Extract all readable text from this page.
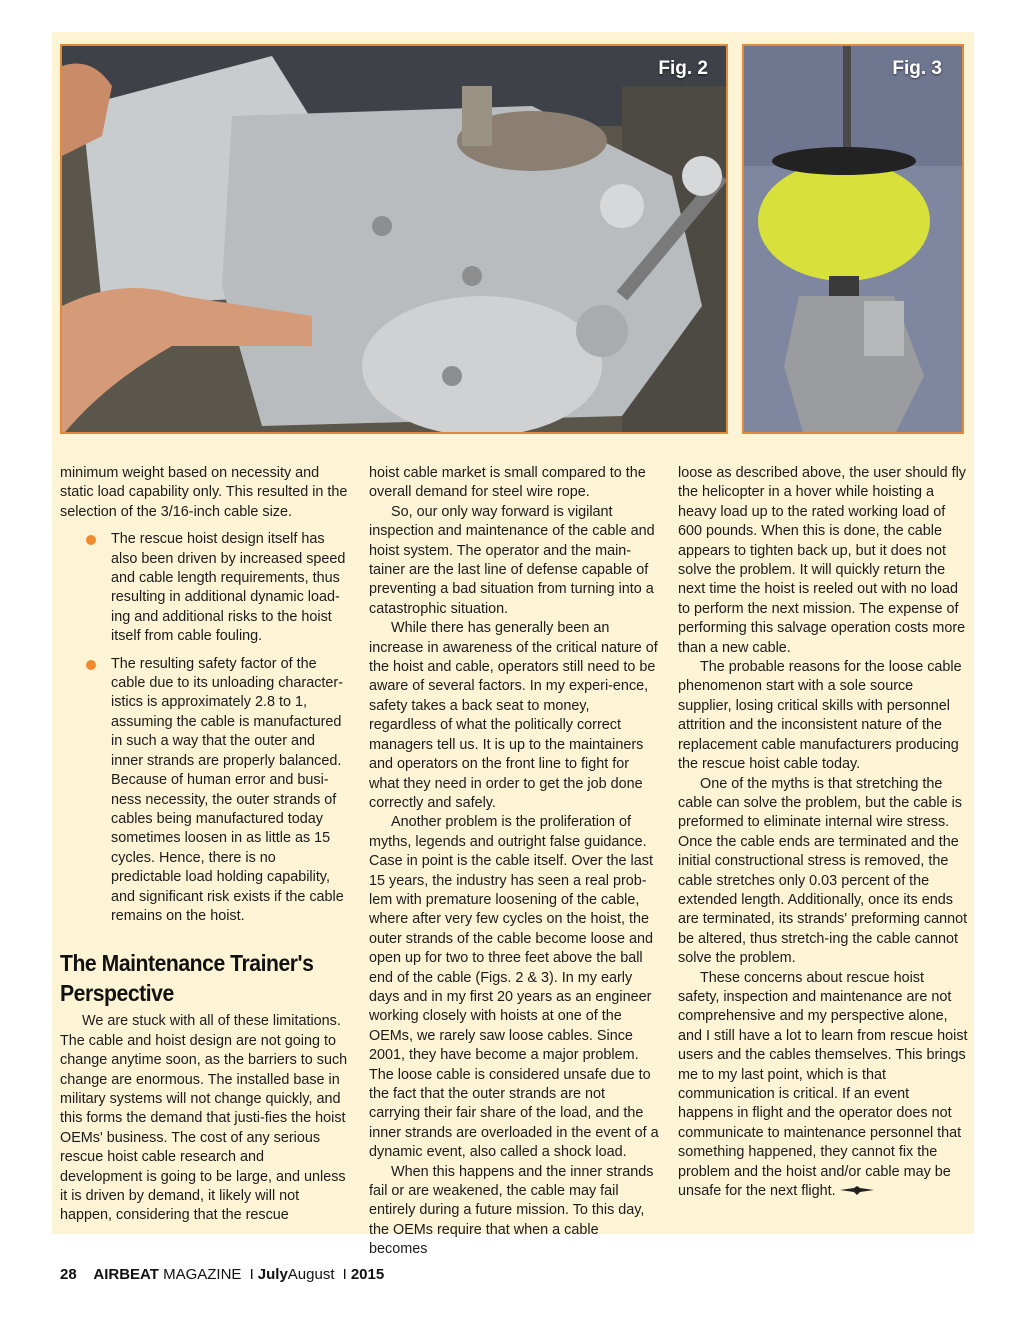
Fig. 2	Fig. 3

minimum weight based on necessity and static load capability only. This resulted in the selection of the 3/16-inch cable size.

The rescue hoist design itself has also been driven by increased speed and cable length requirements, thus resulting in additional dynamic load-ing and additional risks to the hoist itself from cable fouling.
The resulting safety factor of the cable due to its unloading character-istics is approximately 2.8 to 1, assuming the cable is manufactured in such a way that the outer and inner strands are properly balanced. Because of human error and busi-ness necessity, the outer strands of cables being manufactured today sometimes loosen in as little as 15 cycles. Hence, there is no predictable load holding capability, and significant risk exists if the cable remains on the hoist.
The Maintenance Trainer's Perspective

We are stuck with all of these limitations. The cable and hoist design are not going to change anytime soon, as the barriers to such change are enormous. The installed base in military systems will not change quickly, and this forms the demand that justi-fies the hoist OEMs' business. The cost of any serious rescue hoist cable research and development is going to be large, and unless it is driven by demand, it likely will not happen, considering that the rescue

hoist cable market is small compared to the overall demand for steel wire rope.

So, our only way forward is vigilant inspection and maintenance of the cable and hoist system. The operator and the main-tainer are the last line of defense capable of preventing a bad situation from turning into a catastrophic situation.

While there has generally been an increase in awareness of the critical nature of the hoist and cable, operators still need to be aware of several factors. In my experi-ence, safety takes a back seat to money, regardless of what the politically correct managers tell us. It is up to the maintainers and operators on the front line to fight for what they need in order to get the job done correctly and safely.

Another problem is the proliferation of myths, legends and outright false guidance. Case in point is the cable itself. Over the last 15 years, the industry has seen a real prob-lem with premature loosening of the cable, where after very few cycles on the hoist, the outer strands of the cable become loose and open up for two to three feet above the ball end of the cable (Figs. 2 & 3). In my early days and in my first 20 years as an engineer working closely with hoists at one of the OEMs, we rarely saw loose cables. Since 2001, they have become a major problem. The loose cable is considered unsafe due to the fact that the outer strands are not carrying their fair share of the load, and the inner strands are overloaded in the event of a dynamic event, also called a shock load.

When this happens and the inner strands fail or are weakened, the cable may fail entirely during a future mission. To this day, the OEMs require that when a cable becomes

loose as described above, the user should fly the helicopter in a hover while hoisting a heavy load up to the rated working load of 600 pounds. When this is done, the cable appears to tighten back up, but it does not solve the problem. It will quickly return the next time the hoist is reeled out with no load to perform the next mission. The expense of performing this salvage operation costs more than a new cable.

The probable reasons for the loose cable phenomenon start with a sole source supplier, losing critical skills with personnel attrition and the inconsistent nature of the replacement cable manufacturers producing the rescue hoist cable today.

One of the myths is that stretching the cable can solve the problem, but the cable is preformed to eliminate internal wire stress. Once the cable ends are terminated and the initial constructional stress is removed, the cable stretches only 0.03 percent of the extended length. Additionally, once its ends are terminated, its strands' preforming cannot be altered, thus stretch-ing the cable cannot solve the problem.

These concerns about rescue hoist safety, inspection and maintenance are not comprehensive and my perspective alone, and I still have a lot to learn from rescue hoist users and the cables themselves. This brings me to my last point, which is that communication is critical. If an event happens in flight and the operator does not communicate to maintenance personnel that something happened, they cannot fix the problem and the hoist and/or cable may be unsafe for the next flight.

28 AIRBEAT MAGAZINE I JulyAugust I 2015
